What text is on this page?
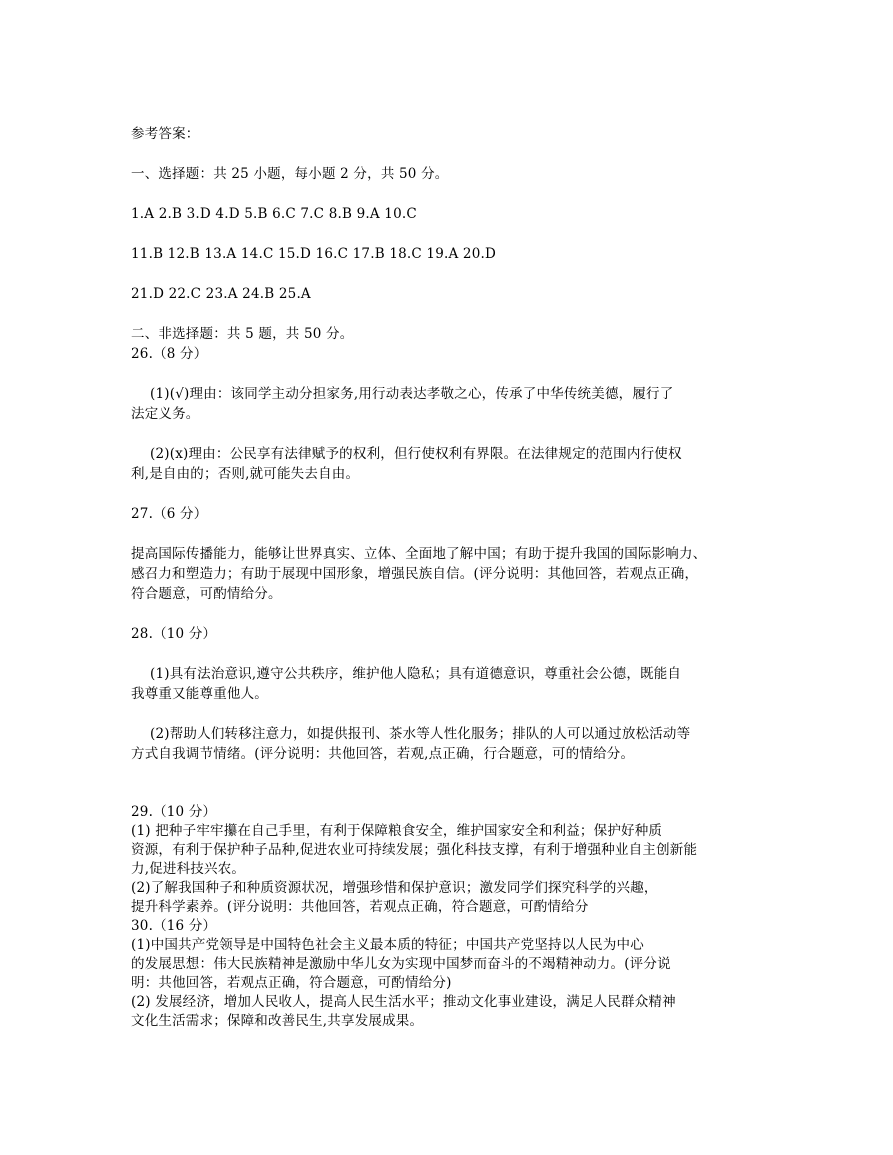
参考答案：
一、选择题：共 25 小题，每小题 2 分，共 50 分。
1.A 2.B 3.D 4.D 5.B 6.C 7.C 8.B 9.A 10.C
11.B 12.B 13.A 14.C 15.D 16.C 17.B 18.C 19.A 20.D
21.D 22.C 23.A 24.B 25.A
二、非选择题：共 5 题，共 50 分。
26.（8 分）
(1)(√)理由：该同学主动分担家务,用行动表达孝敬之心，传承了中华传统美德，履行了
法定义务。
(2)(x)理由：公民享有法律赋予的权利，但行使权利有界限。在法律规定的范围内行使权
利,是自由的；否则,就可能失去自由。
27.（6 分）
提高国际传播能力，能够让世界真实、立体、全面地了解中国；有助于提升我国的国际影响力、
感召力和塑造力；有助于展现中国形象，增强民族自信。(评分说明：其他回答，若观点正确，
符合题意，可酌情给分。
28.（10 分）
(1)具有法治意识,遵守公共秩序，维护他人隐私；具有道德意识，尊重社会公德，既能自
我尊重又能尊重他人。
(2)帮助人们转移注意力，如提供报刊、茶水等人性化服务；排队的人可以通过放松活动等
方式自我调节情绪。(评分说明：共他回答，若观,点正确，行合题意，可的情给分。
29.（10 分）
(1) 把种子牢牢攥在自己手里，有利于保障粮食安全，维护国家安全和利益；保护好种质
资源，有利于保护种子品种,促进农业可持续发展；强化科技支撑，有利于增强种业自主创新能
力,促进科技兴农。
(2)了解我国种子和种质资源状况，增强珍惜和保护意识；激发同学们探究科学的兴趣，
提升科学素养。(评分说明：共他回答，若观点正确，符合题意，可酌情给分
30.（16 分）
(1)中国共产党领导是中国特色社会主义最本质的特征；中国共产党坚持以人民为中心
的发展思想：伟大民族精神是激励中华儿女为实现中国梦而奋斗的不竭精神动力。(评分说
明：共他回答，若观点正确，符合题意，可酌情给分)
(2) 发展经济，增加人民收人，提高人民生活水平；推动文化事业建设，满足人民群众精神
文化生活需求；保障和改善民生,共享发展成果。
